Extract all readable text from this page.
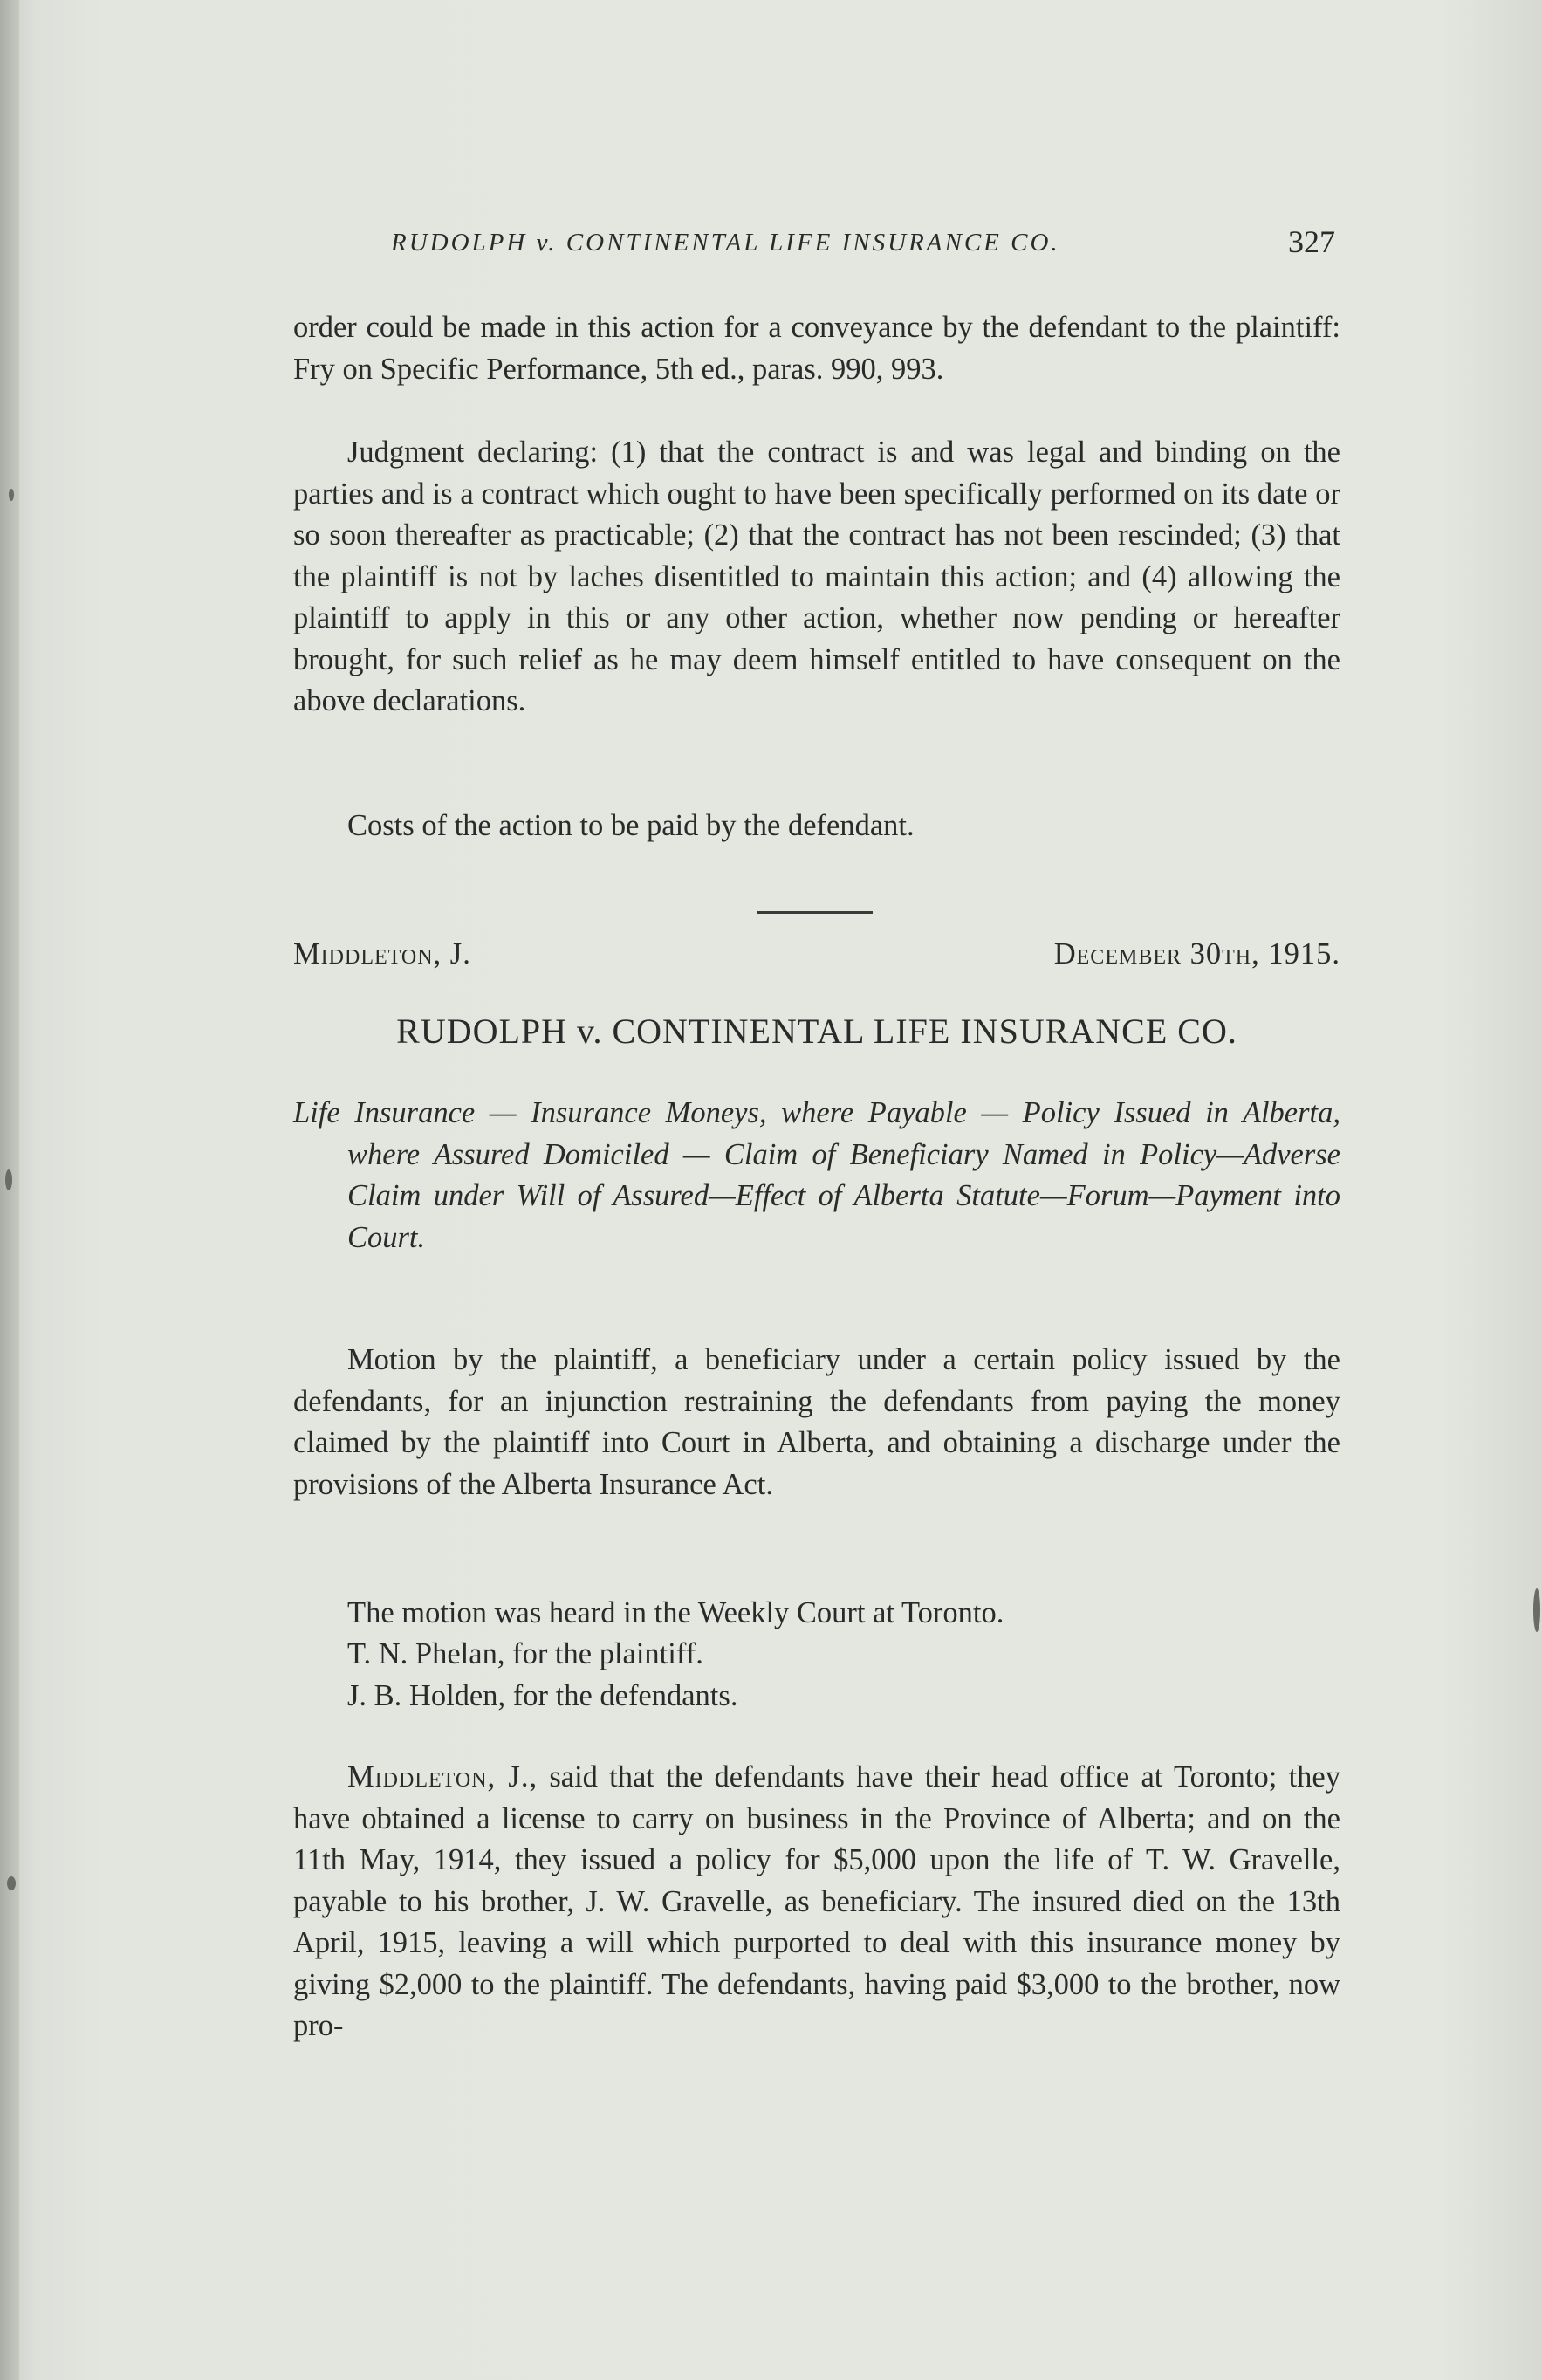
RUDOLPH v. CONTINENTAL LIFE INSURANCE CO.	327

order could be made in this action for a conveyance by the defendant to the plaintiff: Fry on Specific Performance, 5th ed., paras. 990, 993.

Judgment declaring: (1) that the contract is and was legal and binding on the parties and is a contract which ought to have been specifically performed on its date or so soon thereafter as practicable; (2) that the contract has not been rescinded; (3) that the plaintiff is not by laches disentitled to maintain this action; and (4) allowing the plaintiff to apply in this or any other action, whether now pending or hereafter brought, for such relief as he may deem himself entitled to have consequent on the above declarations.

Costs of the action to be paid by the defendant.

Middleton, J.	December 30th, 1915.
RUDOLPH v. CONTINENTAL LIFE INSURANCE CO.

Life Insurance — Insurance Moneys, where Payable — Policy Issued in Alberta, where Assured Domiciled — Claim of Beneficiary Named in Policy—Adverse Claim under Will of Assured—Effect of Alberta Statute—Forum—Payment into Court.

Motion by the plaintiff, a beneficiary under a certain policy issued by the defendants, for an injunction restraining the defendants from paying the money claimed by the plaintiff into Court in Alberta, and obtaining a discharge under the provisions of the Alberta Insurance Act.

The motion was heard in the Weekly Court at Toronto.

T. N. Phelan, for the plaintiff.

J. B. Holden, for the defendants.

Middleton, J., said that the defendants have their head office at Toronto; they have obtained a license to carry on business in the Province of Alberta; and on the 11th May, 1914, they issued a policy for $5,000 upon the life of T. W. Gravelle, payable to his brother, J. W. Gravelle, as beneficiary. The insured died on the 13th April, 1915, leaving a will which purported to deal with this insurance money by giving $2,000 to the plaintiff. The defendants, having paid $3,000 to the brother, now pro-
